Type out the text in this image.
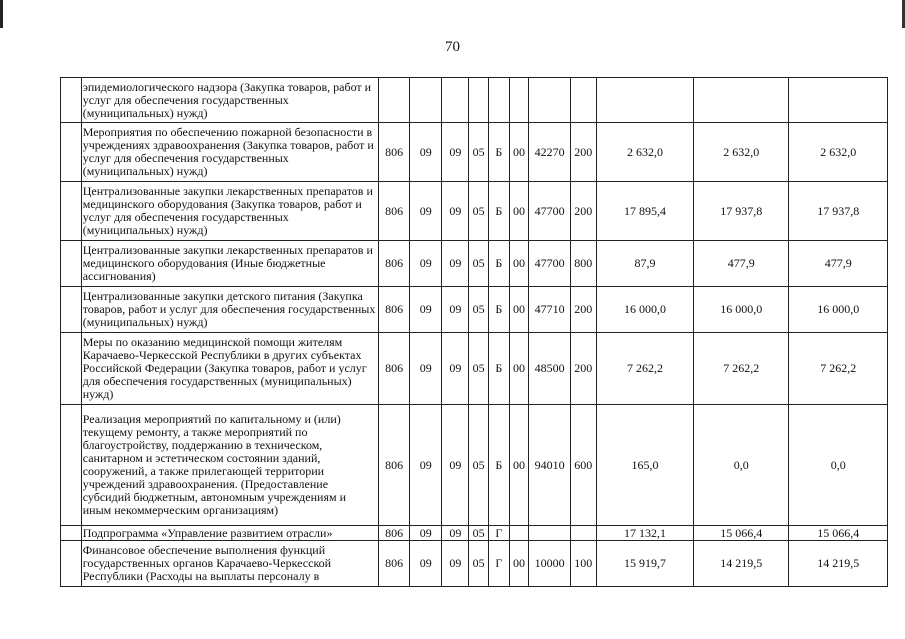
70
	эпидемиологического надзора (Закупка товаров, работ и услуг для обеспечения государственных (муниципальных) нужд)											
	Мероприятия по обеспечению пожарной безопасности в учреждениях здравоохранения (Закупка товаров, работ и услуг для обеспечения государственных (муниципальных) нужд)	806	09	09	05	Б	00	42270	200	2 632,0	2 632,0	2 632,0
	Централизованные закупки лекарственных препаратов и медицинского оборудования (Закупка товаров, работ и услуг для обеспечения государственных (муниципальных) нужд)	806	09	09	05	Б	00	47700	200	17 895,4	17 937,8	17 937,8
	Централизованные закупки лекарственных препаратов и медицинского оборудования (Иные бюджетные ассигнования)	806	09	09	05	Б	00	47700	800	87,9	477,9	477,9
	Централизованные закупки детского питания (Закупка товаров, работ и услуг для обеспечения государственных (муниципальных) нужд)	806	09	09	05	Б	00	47710	200	16 000,0	16 000,0	16 000,0
	Меры по оказанию медицинской помощи жителям Карачаево-Черкесской Республики в других субъектах Российской Федерации (Закупка товаров, работ и услуг для обеспечения государственных (муниципальных) нужд)	806	09	09	05	Б	00	48500	200	7 262,2	7 262,2	7 262,2
	Реализация мероприятий по капитальному и (или) текущему ремонту, а также мероприятий по благоустройству, поддержанию в техническом, санитарном и эстетическом состоянии зданий, сооружений, а также прилегающей территории учреждений здравоохранения. (Предоставление субсидий бюджетным, автономным учреждениям и иным некоммерческим организациям)	806	09	09	05	Б	00	94010	600	165,0	0,0	0,0
	Подпрограмма «Управление развитием отрасли»	806	09	09	05	Г				17 132,1	15 066,4	15 066,4
	Финансовое обеспечение выполнения функций государственных органов Карачаево-Черкесской Республики (Расходы на выплаты персоналу в	806	09	09	05	Г	00	10000	100	15 919,7	14 219,5	14 219,5
